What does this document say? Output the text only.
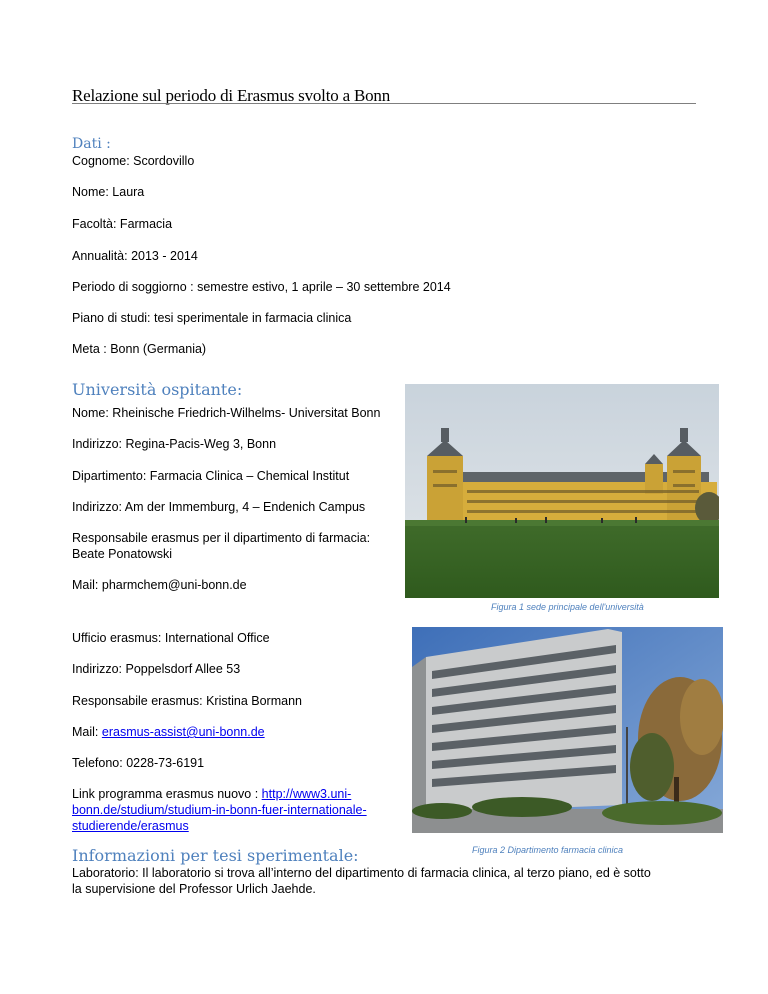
Relazione sul periodo di Erasmus svolto a Bonn
Dati :

Cognome: Scordovillo

Nome: Laura

Facoltà: Farmacia

Annualità: 2013 - 2014

Periodo di soggiorno : semestre estivo, 1 aprile – 30 settembre 2014

Piano di studi: tesi sperimentale in farmacia clinica

Meta : Bonn (Germania)

Università ospitante:

Nome: Rheinische Friedrich-Wilhelms- Universitat Bonn

Indirizzo: Regina-Pacis-Weg 3, Bonn

Dipartimento: Farmacia Clinica – Chemical Institut

Indirizzo: Am der Immemburg, 4 – Endenich Campus

Responsabile erasmus per il dipartimento di farmacia:

Beate Ponatowski

Mail: pharmchem@uni-bonn.de

Figura 1 sede principale dell'università

Ufficio erasmus: International Office

Indirizzo: Poppelsdorf Allee 53

Responsabile erasmus: Kristina Bormann

Mail: erasmus-assist@uni-bonn.de

Telefono: 0228-73-6191

Link programma erasmus nuovo : http://www3.uni-

bonn.de/studium/studium-in-bonn-fuer-internationale-

studierende/erasmus

Figura 2 Dipartimento farmacia clinica

Informazioni per tesi sperimentale:

Laboratorio: Il laboratorio si trova all’interno del dipartimento di farmacia clinica, al terzo piano, ed è sotto

la supervisione del Professor Urlich Jaehde.
